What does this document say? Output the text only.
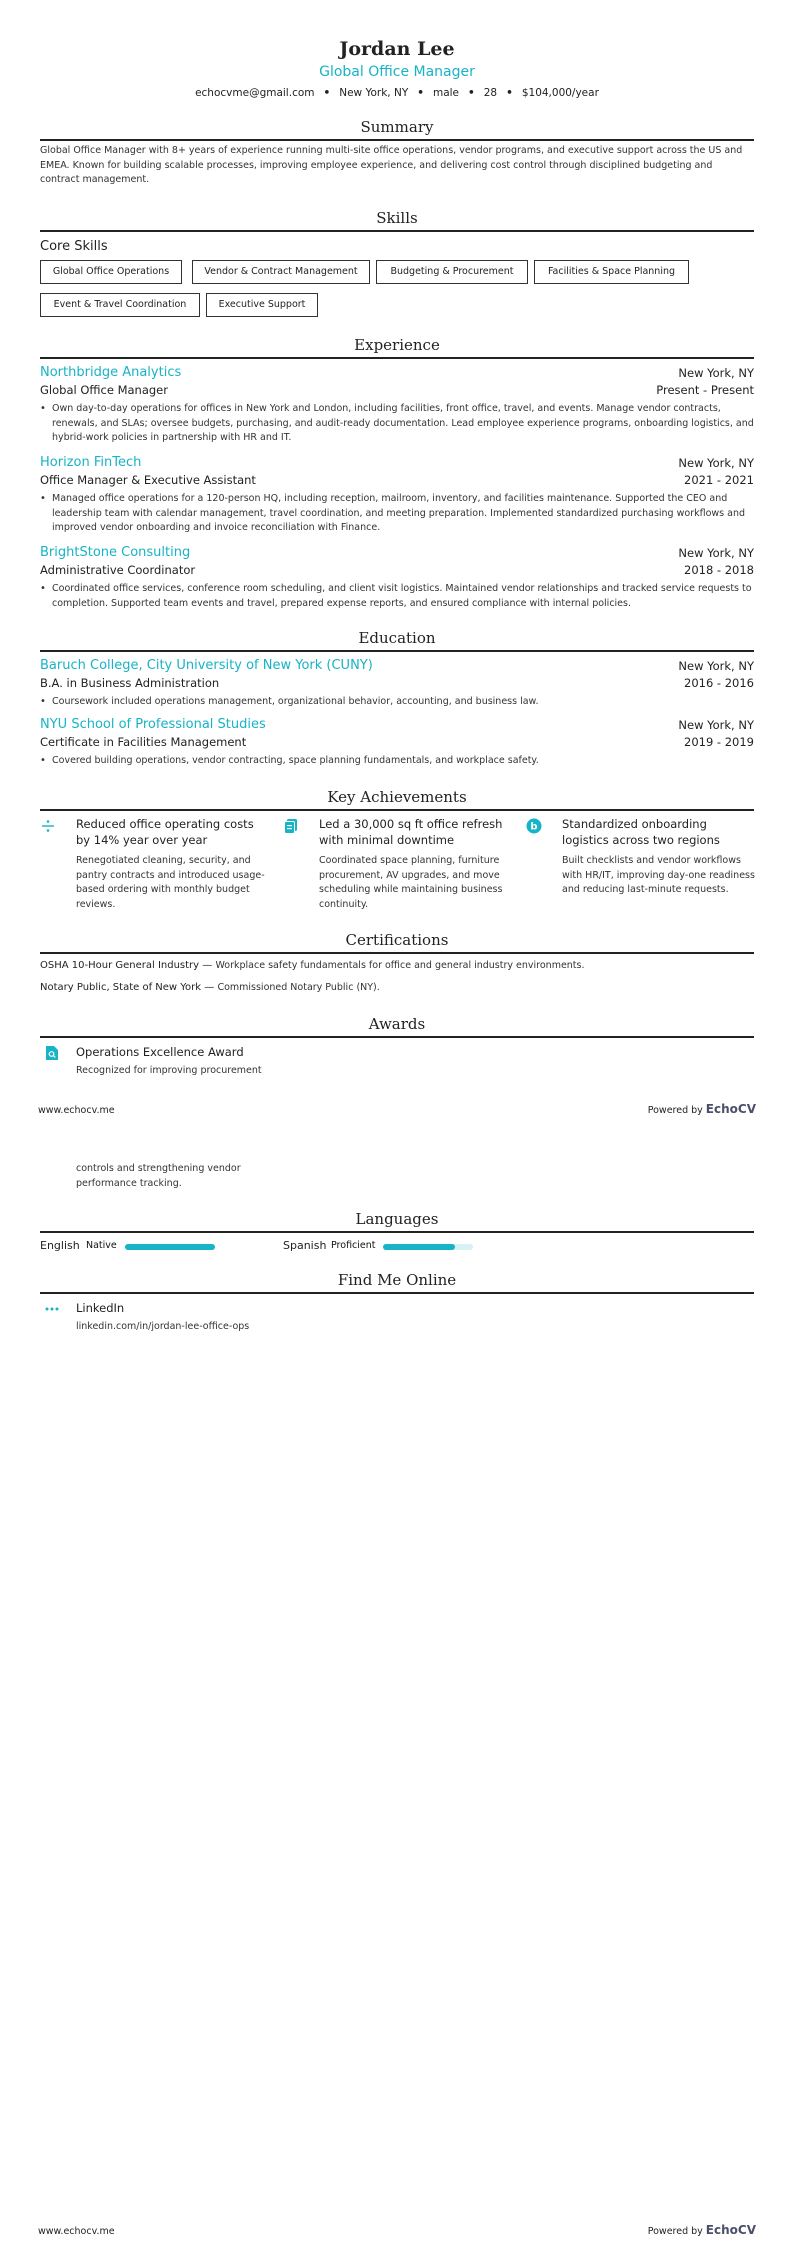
Jordan Lee
Global Office Manager
echocvme@gmail.com • New York, NY • male • 28 • $104,000/year
Summary
Global Office Manager with 8+ years of experience running multi-site office operations, vendor programs, and executive support across the US and EMEA. Known for building scalable processes, improving employee experience, and delivering cost control through disciplined budgeting and contract management.
Skills
Core Skills
Global Office Operations	Vendor & Contract Management	Budgeting & Procurement	Facilities & Space Planning
Event & Travel Coordination	Executive Support
Experience
Northbridge Analytics	New York, NY
Global Office Manager	Present - Present
• Own day-to-day operations for offices in New York and London, including facilities, front office, travel, and events. Manage vendor contracts, renewals, and SLAs; oversee budgets, purchasing, and audit-ready documentation. Lead employee experience programs, onboarding logistics, and hybrid-work policies in partnership with HR and IT.
Horizon FinTech	New York, NY
Office Manager & Executive Assistant	2021 - 2021
• Managed office operations for a 120-person HQ, including reception, mailroom, inventory, and facilities maintenance. Supported the CEO and leadership team with calendar management, travel coordination, and meeting preparation. Implemented standardized purchasing workflows and improved vendor onboarding and invoice reconciliation with Finance.
BrightStone Consulting	New York, NY
Administrative Coordinator	2018 - 2018
• Coordinated office services, conference room scheduling, and client visit logistics. Maintained vendor relationships and tracked service requests to completion. Supported team events and travel, prepared expense reports, and ensured compliance with internal policies.
Education
Baruch College, City University of New York (CUNY)	New York, NY
B.A. in Business Administration	2016 - 2016
• Coursework included operations management, organizational behavior, accounting, and business law.
NYU School of Professional Studies	New York, NY
Certificate in Facilities Management	2019 - 2019
• Covered building operations, vendor contracting, space planning fundamentals, and workplace safety.
Key Achievements
Reduced office operating costs by 14% year over year
Renegotiated cleaning, security, and pantry contracts and introduced usage-based ordering with monthly budget reviews.
Led a 30,000 sq ft office refresh with minimal downtime
Coordinated space planning, furniture procurement, AV upgrades, and move scheduling while maintaining business continuity.
b Standardized onboarding logistics across two regions
Built checklists and vendor workflows with HR/IT, improving day-one readiness and reducing last-minute requests.
Certifications
OSHA 10-Hour General Industry — Workplace safety fundamentals for office and general industry environments.
Notary Public, State of New York — Commissioned Notary Public (NY).
Awards
Operations Excellence Award
Recognized for improving procurement
www.echocv.me	Powered by EchoCV
controls and strengthening vendor
performance tracking.
Languages
English Native	Spanish Proficient
Find Me Online
LinkedIn
linkedin.com/in/jordan-lee-office-ops
www.echocv.me	Powered by EchoCV
